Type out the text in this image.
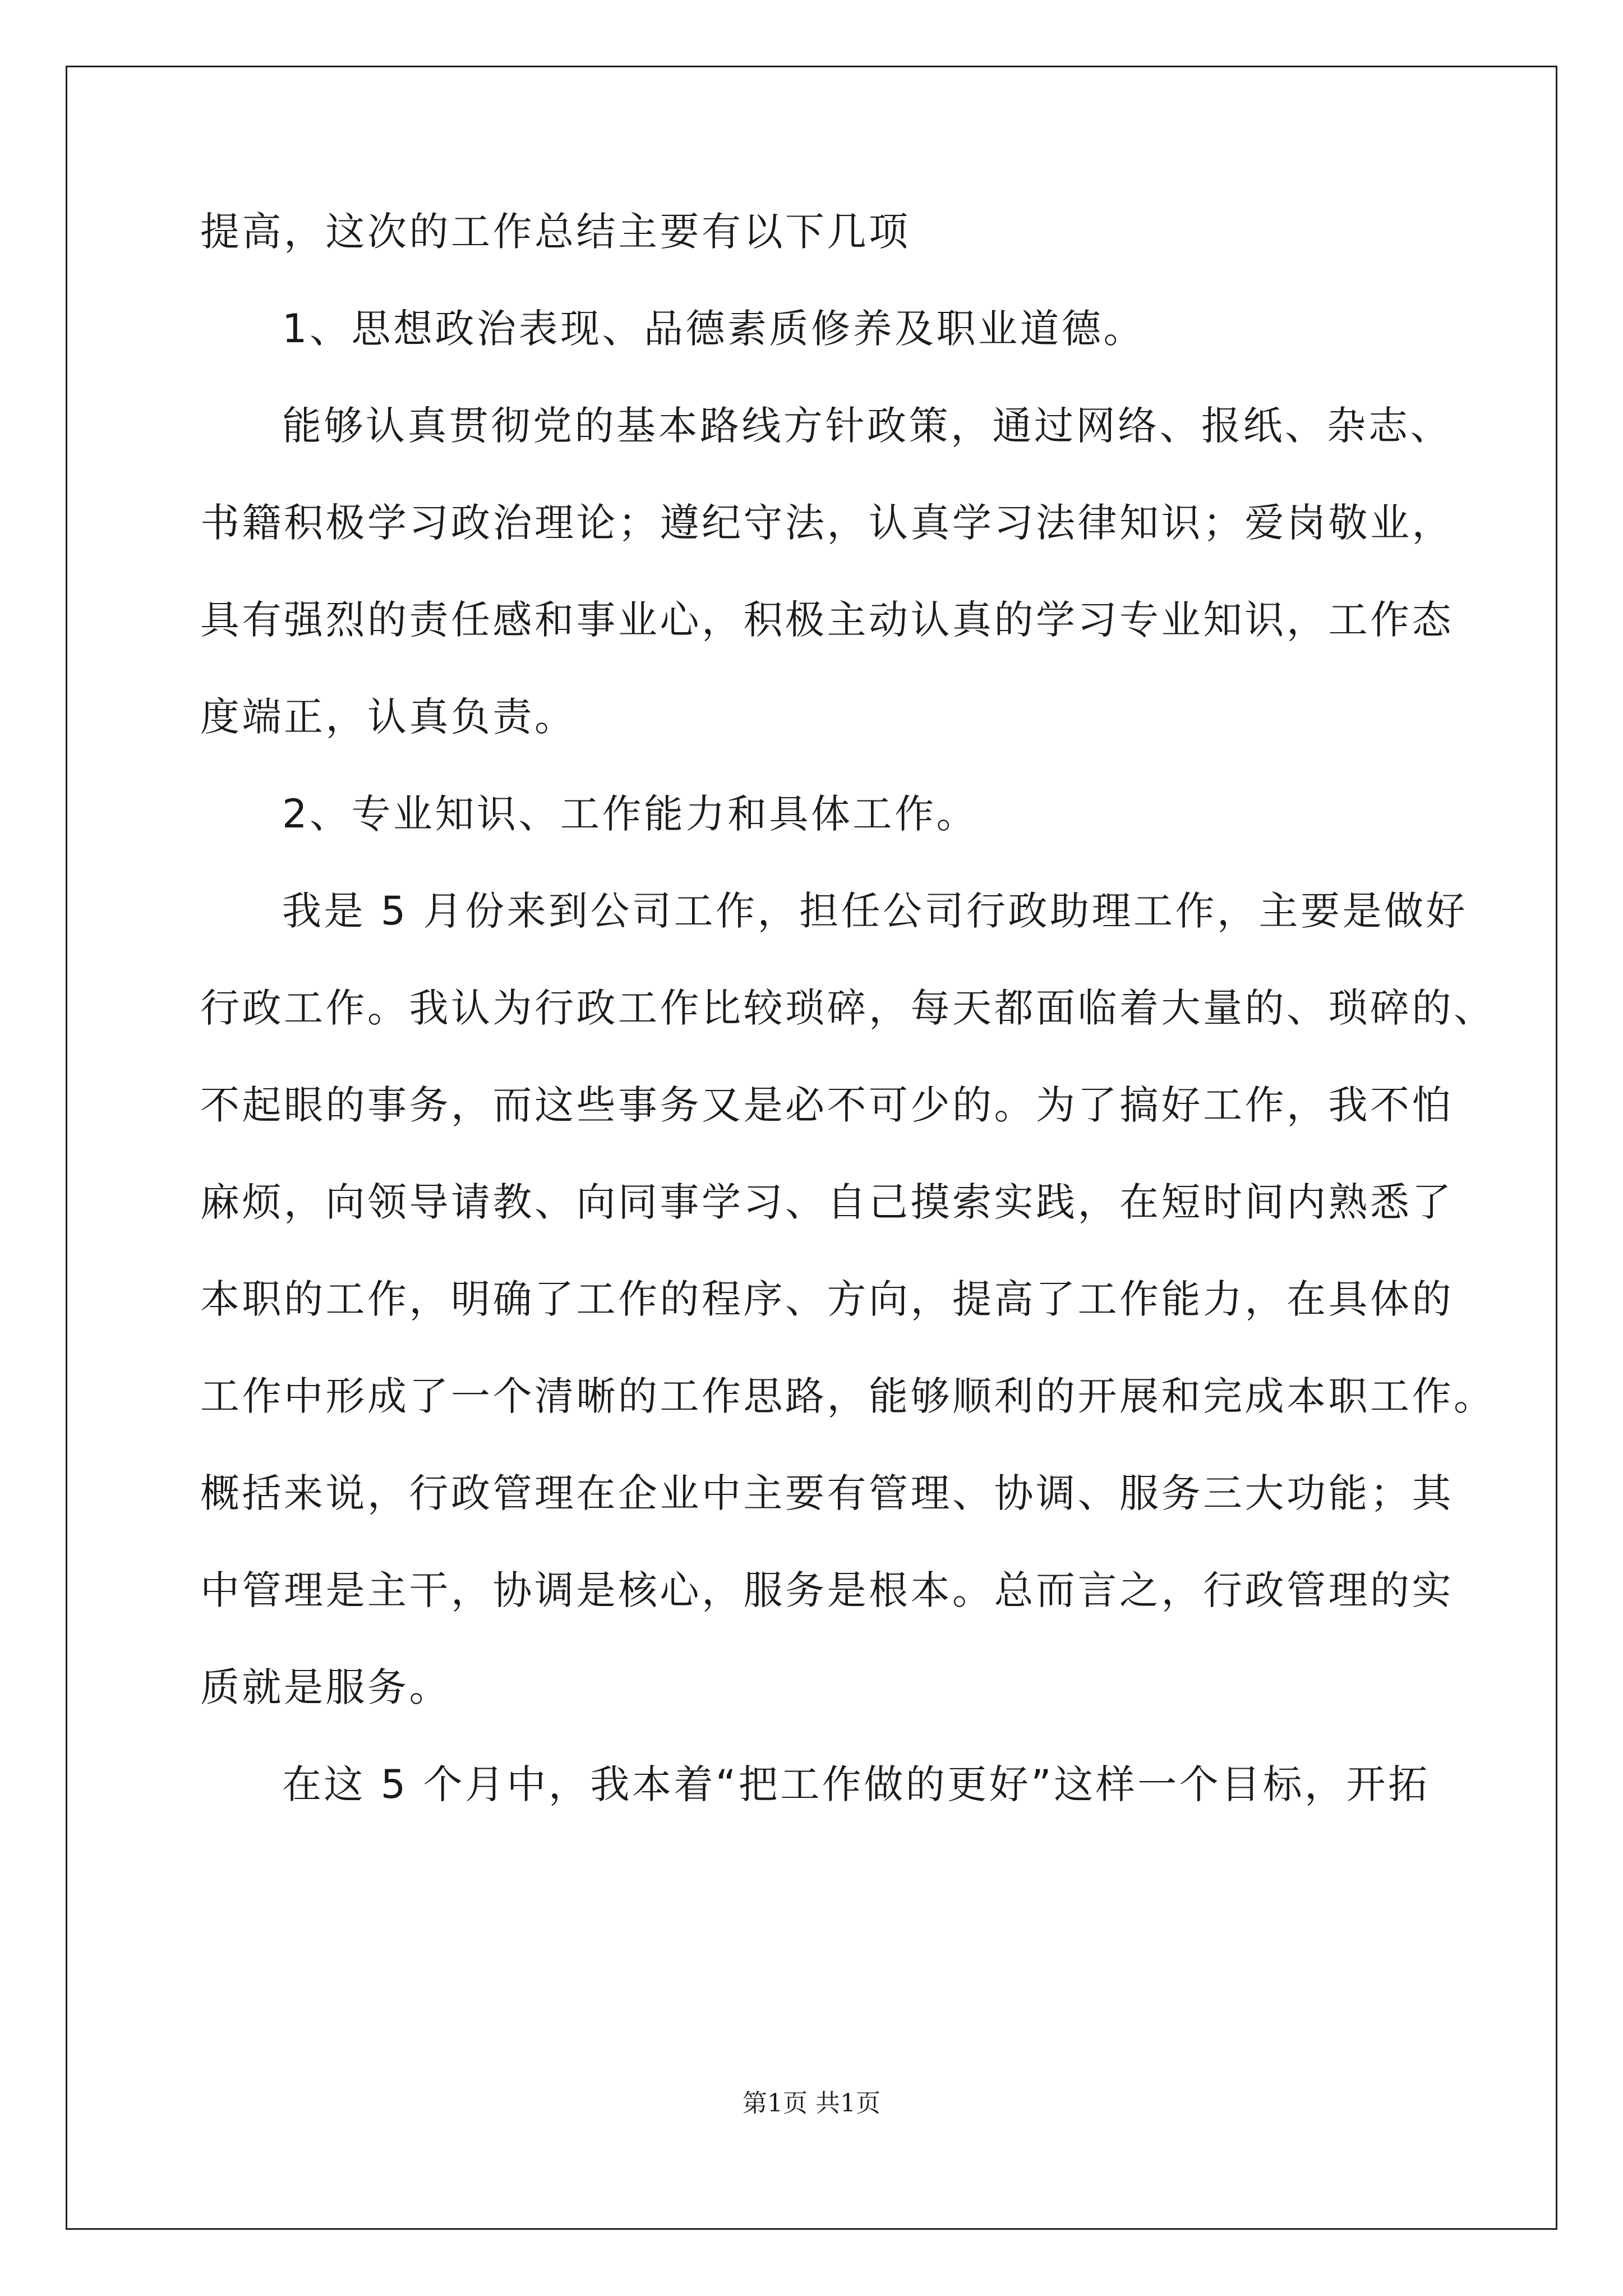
提高，这次的工作总结主要有以下几项
1、思想政治表现、品德素质修养及职业道德。
能够认真贯彻党的基本路线方针政策，通过网络、报纸、杂志、
书籍积极学习政治理论；遵纪守法，认真学习法律知识；爱岗敬业，
具有强烈的责任感和事业心，积极主动认真的学习专业知识，工作态
度端正，认真负责。
2、专业知识、工作能力和具体工作。
我是 5 月份来到公司工作，担任公司行政助理工作，主要是做好
行政工作。我认为行政工作比较琐碎，每天都面临着大量的、琐碎的、
不起眼的事务，而这些事务又是必不可少的。为了搞好工作，我不怕
麻烦，向领导请教、向同事学习、自己摸索实践，在短时间内熟悉了
本职的工作，明确了工作的程序、方向，提高了工作能力，在具体的
工作中形成了一个清晰的工作思路，能够顺利的开展和完成本职工作。
概括来说，行政管理在企业中主要有管理、协调、服务三大功能；其
中管理是主干，协调是核心，服务是根本。总而言之，行政管理的实
质就是服务。
在这 5 个月中，我本着“把工作做的更好”这样一个目标，开拓
第1页 共1页
